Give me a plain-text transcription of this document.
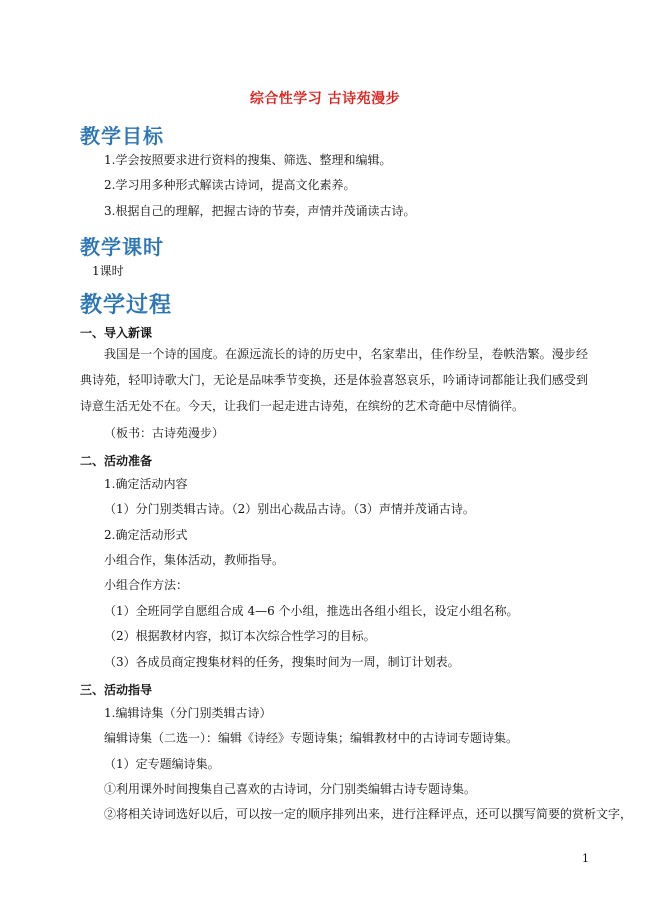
综合性学习 古诗苑漫步
教学目标
1.学会按照要求进行资料的搜集、筛选、整理和编辑。
2.学习用多种形式解读古诗词，提高文化素养。
3.根据自己的理解，把握古诗的节奏，声情并茂诵读古诗。
教学课时
1课时
教学过程
一、导入新课
我国是一个诗的国度。在源远流长的诗的历史中，名家辈出，佳作纷呈，卷帙浩繁。漫步经典诗苑，轻叩诗歌大门，无论是品味季节变换，还是体验喜怒哀乐，吟诵诗词都能让我们感受到诗意生活无处不在。今天，让我们一起走进古诗苑，在缤纷的艺术奇葩中尽情徜徉。
（板书：古诗苑漫步）
二、活动准备
1.确定活动内容
（1）分门别类辑古诗。（2）别出心裁品古诗。（3）声情并茂诵古诗。
2.确定活动形式
小组合作，集体活动，教师指导。
小组合作方法：
（1）全班同学自愿组合成 4—6 个小组，推选出各组小组长，设定小组名称。
（2）根据教材内容，拟订本次综合性学习的目标。
（3）各成员商定搜集材料的任务，搜集时间为一周，制订计划表。
三、活动指导
1.编辑诗集（分门别类辑古诗）
编辑诗集（二选一）：编辑《诗经》专题诗集；编辑教材中的古诗词专题诗集。
（1）定专题编诗集。
①利用课外时间搜集自己喜欢的古诗词，分门别类编辑古诗专题诗集。
②将相关诗词选好以后，可以按一定的顺序排列出来，进行注释评点，还可以撰写简要的赏析文字，
1
